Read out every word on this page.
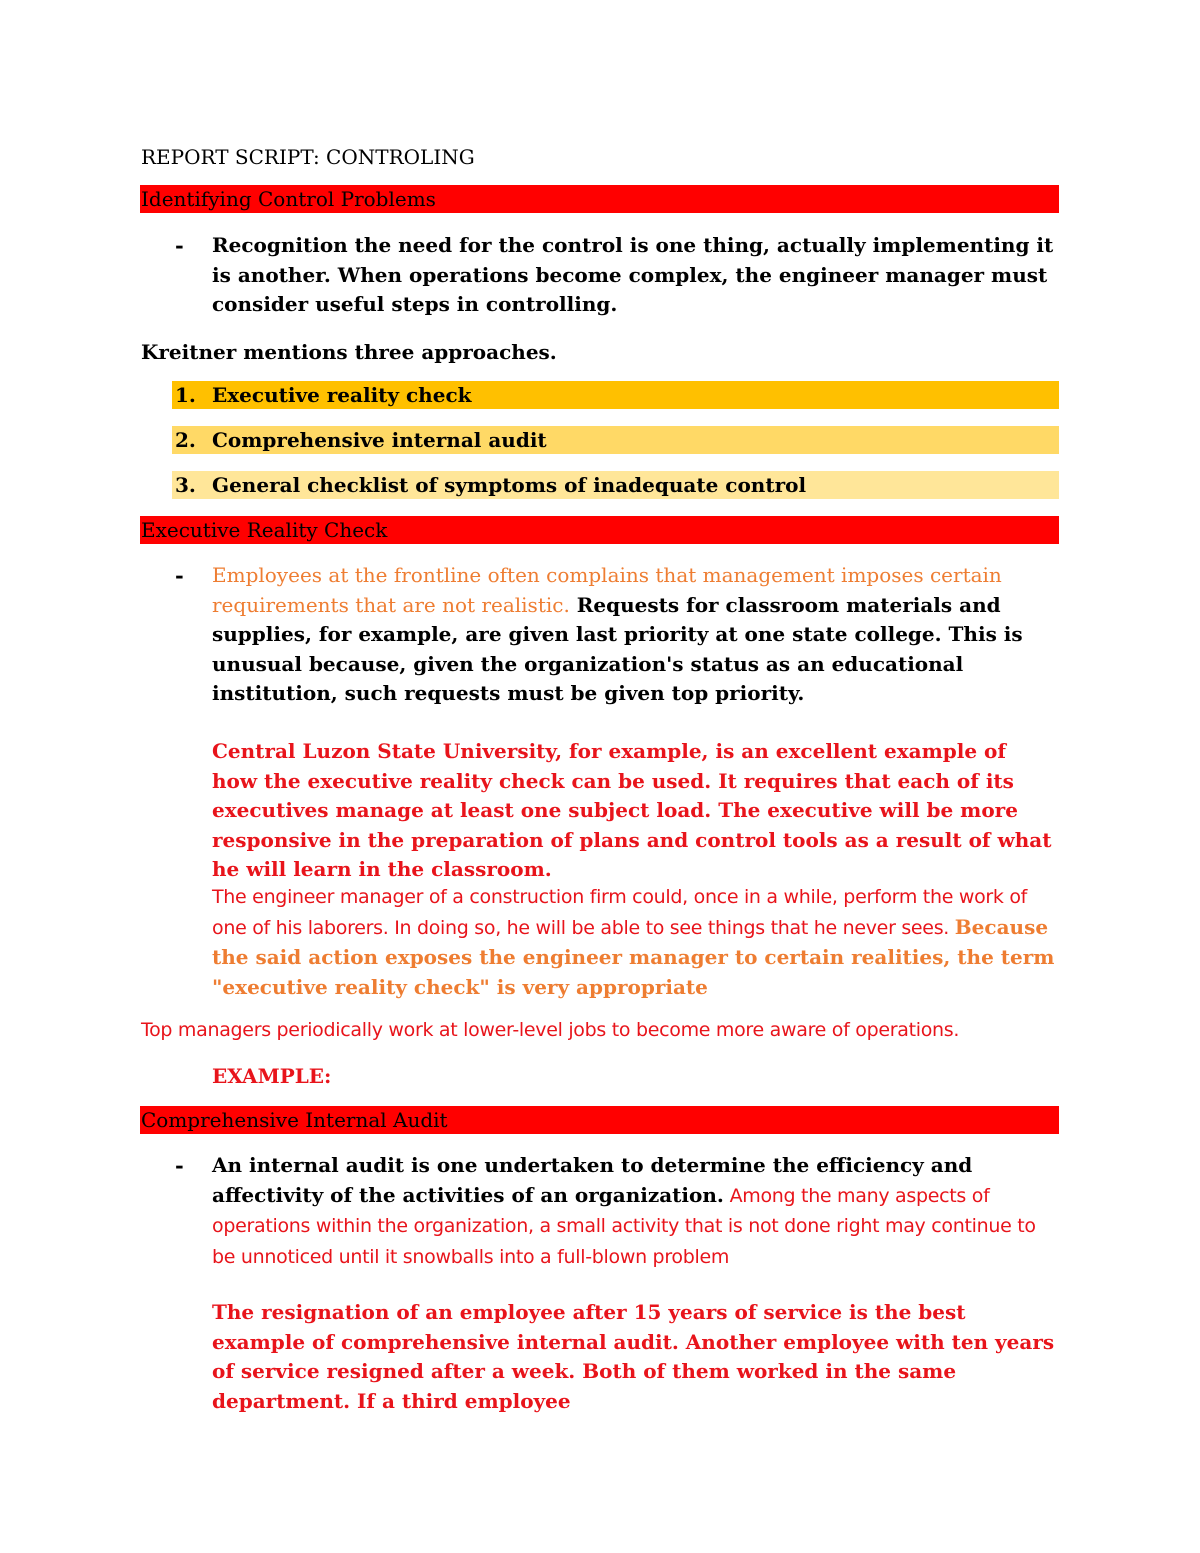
REPORT SCRIPT: CONTROLING
Identifying Control Problems
- Recognition the need for the control is one thing, actually implementing it is another. When operations become complex, the engineer manager must consider useful steps in controlling.
Kreitner mentions three approaches.
1. Executive reality check
2. Comprehensive internal audit
3. General checklist of symptoms of inadequate control
Executive Reality Check
- Employees at the frontline often complains that management imposes certain requirements that are not realistic. Requests for classroom materials and supplies, for example, are given last priority at one state college. This is unusual because, given the organization's status as an educational institution, such requests must be given top priority.
Central Luzon State University, for example, is an excellent example of how the executive reality check can be used. It requires that each of its executives manage at least one subject load. The executive will be more responsive in the preparation of plans and control tools as a result of what he will learn in the classroom.
The engineer manager of a construction firm could, once in a while, perform the work of one of his laborers. In doing so, he will be able to see things that he never sees. Because the said action exposes the engineer manager to certain realities, the term "executive reality check" is very appropriate
Top managers periodically work at lower-level jobs to become more aware of operations.
EXAMPLE:
Comprehensive Internal Audit
- An internal audit is one undertaken to determine the efficiency and affectivity of the activities of an organization. Among the many aspects of operations within the organization, a small activity that is not done right may continue to be unnoticed until it snowballs into a full-blown problem
The resignation of an employee after 15 years of service is the best example of comprehensive internal audit. Another employee with ten years of service resigned after a week. Both of them worked in the same department. If a third employee
